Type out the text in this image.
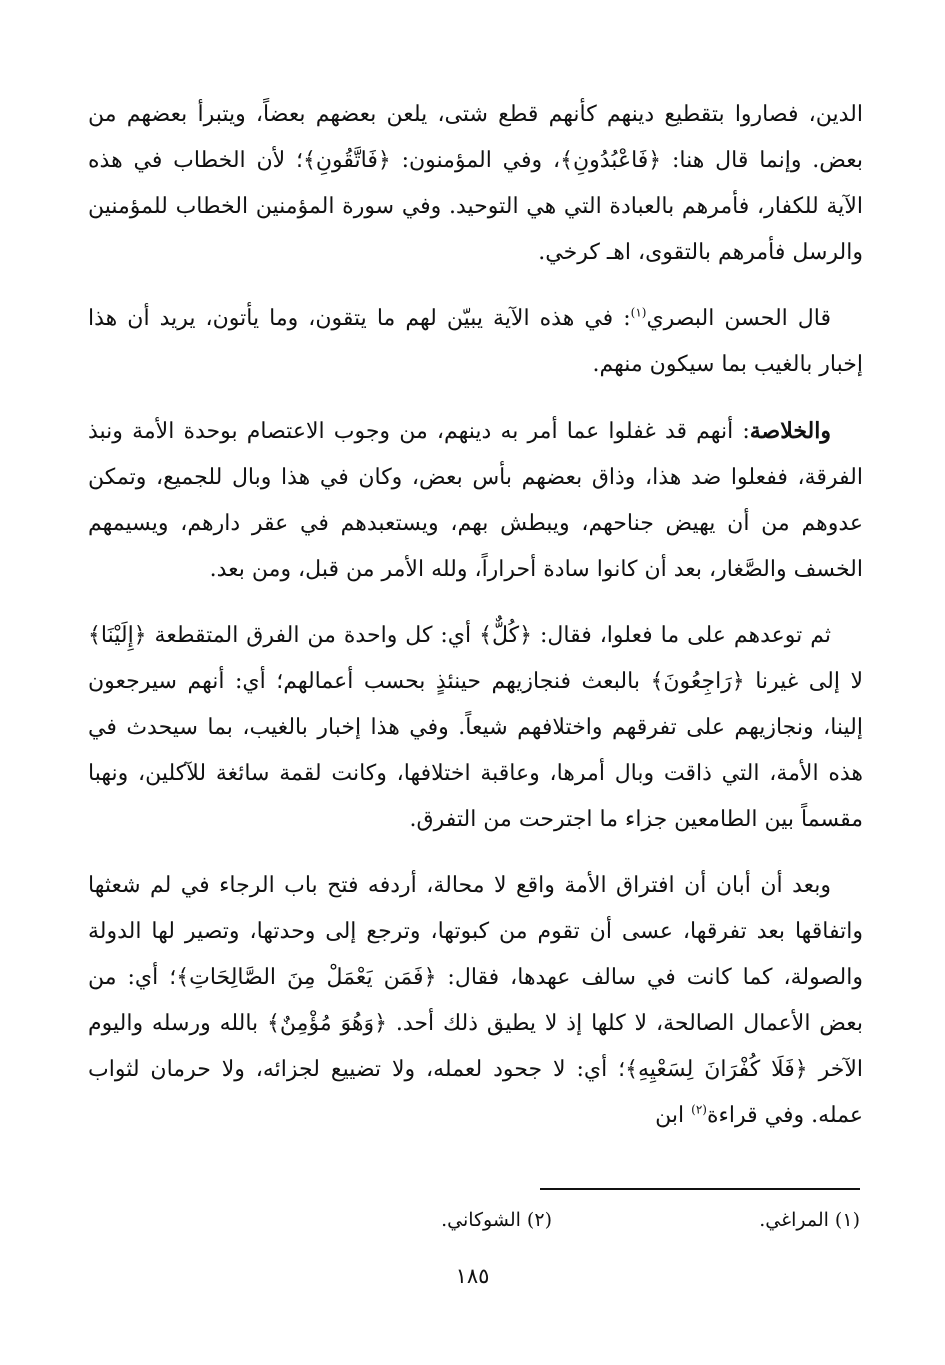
الدين، فصاروا بتقطيع دينهم كأنهم قطع شتى، يلعن بعضهم بعضاً، ويتبرأ بعضهم من بعض. وإنما قال هنا: ﴿فَاعْبُدُونِ﴾، وفي المؤمنون: ﴿فَاتَّقُونِ﴾؛ لأن الخطاب في هذه الآية للكفار، فأمرهم بالعبادة التي هي التوحيد. وفي سورة المؤمنين الخطاب للمؤمنين والرسل فأمرهم بالتقوى، اهـ كرخي.

قال الحسن البصري$^{(١)}$: في هذه الآية يبيّن لهم ما يتقون، وما يأتون، يريد أن هذا إخبار بالغيب بما سيكون منهم.

والخلاصة: أنهم قد غفلوا عما أمر به دينهم، من وجوب الاعتصام بوحدة الأمة ونبذ الفرقة، ففعلوا ضد هذا، وذاق بعضهم بأس بعض، وكان في هذا وبال للجميع، وتمكن عدوهم من أن يهيض جناحهم، ويبطش بهم، ويستعبدهم في عقر دارهم، ويسيمهم الخسف والصَّغار، بعد أن كانوا سادة أحراراً، ولله الأمر من قبل، ومن بعد.

ثم توعدهم على ما فعلوا، فقال: ﴿كُلٌّ﴾ أي: كل واحدة من الفرق المتقطعة ﴿إِلَيْنَا﴾ لا إلى غيرنا ﴿رَاجِعُونَ﴾ بالبعث فنجازيهم حينئذٍ بحسب أعمالهم؛ أي: أنهم سيرجعون إلينا، ونجازيهم على تفرقهم واختلافهم شيعاً. وفي هذا إخبار بالغيب، بما سيحدث في هذه الأمة، التي ذاقت وبال أمرها، وعاقبة اختلافها، وكانت لقمة سائغة للآكلين، ونهبا مقسماً بين الطامعين جزاء ما اجترحت من التفرق.

وبعد أن أبان أن افتراق الأمة واقع لا محالة، أردفه فتح باب الرجاء في لم شعثها واتفاقها بعد تفرقها، عسى أن تقوم من كبوتها، وترجع إلى وحدتها، وتصير لها الدولة والصولة، كما كانت في سالف عهدها، فقال: ﴿فَمَن يَعْمَلْ مِنَ الصَّالِحَاتِ﴾؛ أي: من بعض الأعمال الصالحة، لا كلها إذ لا يطيق ذلك أحد. ﴿وَهُوَ مُؤْمِنٌ﴾ بالله ورسله واليوم الآخر ﴿فَلَا كُفْرَانَ لِسَعْيِهِ﴾؛ أي: لا جحود لعمله، ولا تضييع لجزائه، ولا حرمان لثواب عمله. وفي قراءة$^{(٢)}$ ابن

(١) المراغي.
(٢) الشوكاني.
١٨٥
